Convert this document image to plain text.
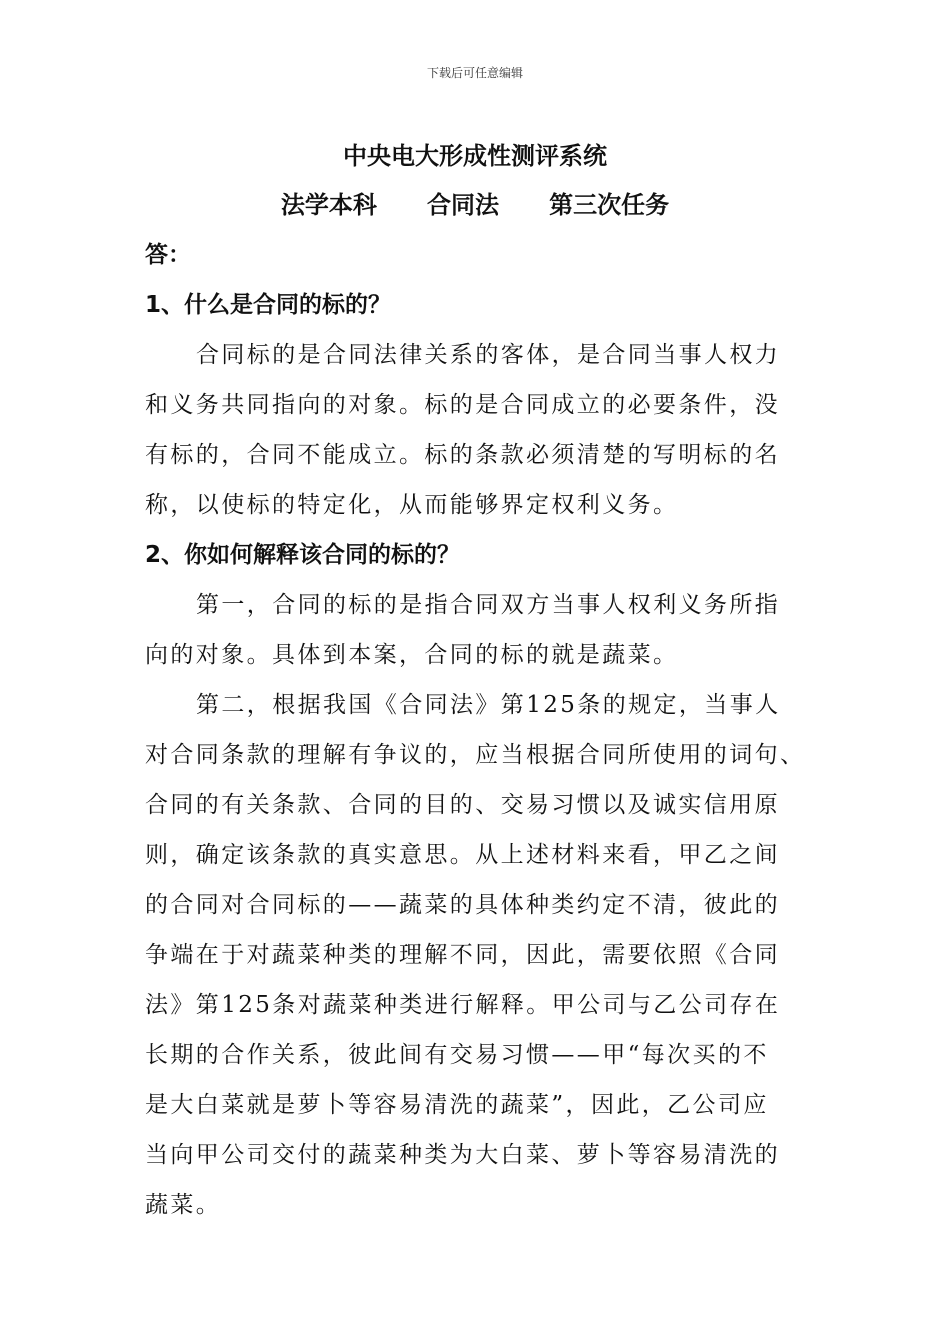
下载后可任意编辑
中央电大形成性测评系统
法学本科      合同法      第三次任务
答：
1、什么是合同的标的？
合同标的是合同法律关系的客体，是合同当事人权力
和义务共同指向的对象。标的是合同成立的必要条件，没
有标的，合同不能成立。标的条款必须清楚的写明标的名
称，以使标的特定化，从而能够界定权利义务。
2、你如何解释该合同的标的？
第一，合同的标的是指合同双方当事人权利义务所指
向的对象。具体到本案，合同的标的就是蔬菜。
第二，根据我国《合同法》第125条的规定，当事人
对合同条款的理解有争议的，应当根据合同所使用的词句、
合同的有关条款、合同的目的、交易习惯以及诚实信用原
则，确定该条款的真实意思。从上述材料来看，甲乙之间
的合同对合同标的——蔬菜的具体种类约定不清，彼此的
争端在于对蔬菜种类的理解不同，因此，需要依照《合同
法》第125条对蔬菜种类进行解释。甲公司与乙公司存在
长期的合作关系，彼此间有交易习惯——甲“每次买的不
是大白菜就是萝卜等容易清洗的蔬菜”，因此，乙公司应
当向甲公司交付的蔬菜种类为大白菜、萝卜等容易清洗的
蔬菜。
